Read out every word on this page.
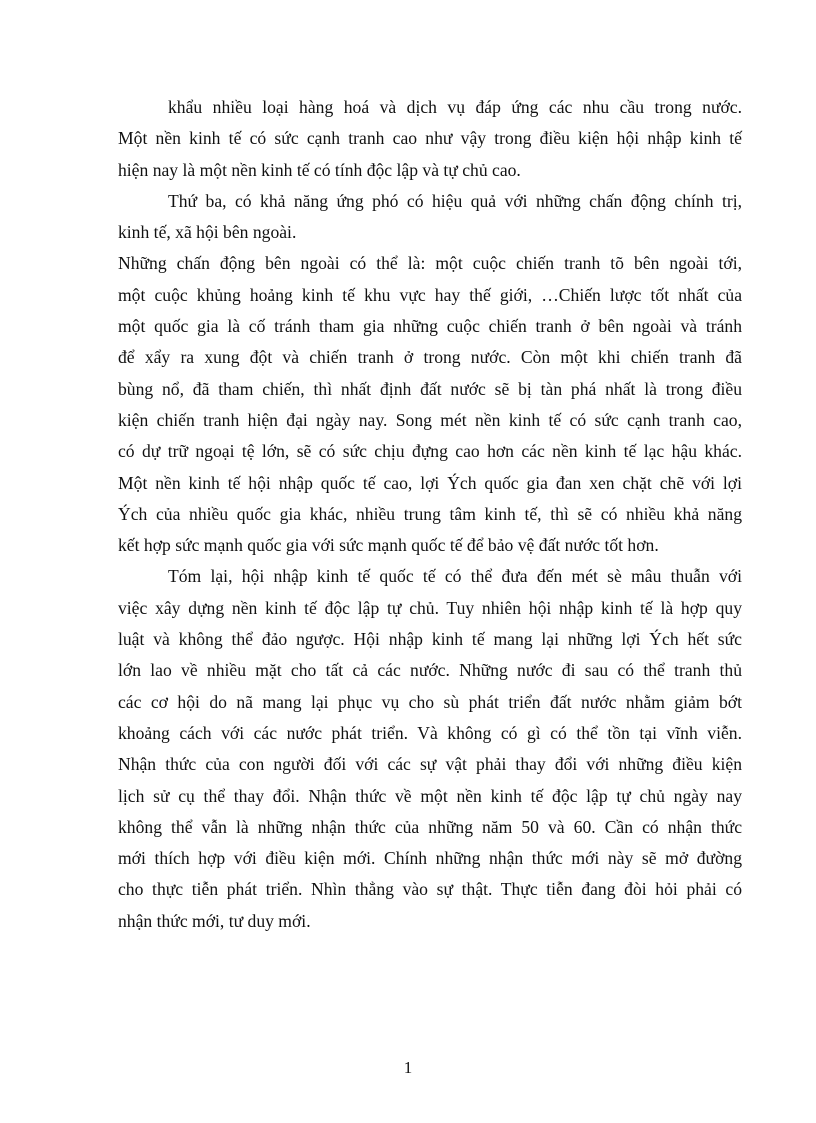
khẩu nhiều loại hàng hoá và dịch vụ đáp ứng các nhu cầu trong nước.
Một nền kinh tế có sức cạnh tranh cao như vậy trong điều kiện hội nhập kinh tế
hiện nay là một nền kinh tế có tính độc lập và tự chủ cao.
Thứ ba, có khả năng ứng phó có hiệu quả với những chấn động chính trị,
kinh tế, xã hội bên ngoài.
Những chấn động bên ngoài có thể là: một cuộc chiến tranh tõ bên ngoài tới,
một cuộc khủng hoảng kinh tế khu vực hay thế giới, …Chiến lược tốt nhất của
một quốc gia là cố tránh tham gia những cuộc chiến tranh ở bên ngoài và tránh
để xẩy ra xung đột và chiến tranh ở trong nước. Còn một khi chiến tranh đã
bùng nổ, đã tham chiến, thì nhất định đất nước sẽ bị tàn phá nhất là trong điều
kiện chiến tranh hiện đại ngày nay. Song mét nền kinh tế có sức cạnh tranh cao,
có dự trữ ngoại tệ lớn, sẽ có sức chịu đựng cao hơn các nền kinh tế lạc hậu khác.
Một nền kinh tế hội nhập quốc tế cao, lợi Ých quốc gia đan xen chặt chẽ với lợi
Ých của nhiều quốc gia khác, nhiều trung tâm kinh tế, thì sẽ có nhiều khả năng
kết hợp sức mạnh quốc gia với sức mạnh quốc tế để bảo vệ đất nước tốt hơn.
Tóm lại, hội nhập kinh tế quốc tế có thể đưa đến mét sè mâu thuẫn với
việc xây dựng nền kinh tế độc lập tự chủ. Tuy nhiên hội nhập kinh tế là hợp quy
luật và không thể đảo ngược. Hội nhập kinh tế mang lại những lợi Ých hết sức
lớn lao về nhiều mặt cho tất cả các nước. Những nước đi sau có thể tranh thủ
các cơ hội do nã mang lại phục vụ cho sù phát triển đất nước nhằm giảm bớt
khoảng cách với các nước phát triển. Và không có gì có thể tồn tại vĩnh viễn.
Nhận thức của con người đối với các sự vật phải thay đổi với những điều kiện
lịch sử cụ thể thay đổi. Nhận thức về một nền kinh tế độc lập tự chủ ngày nay
không thể vẫn là những nhận thức của những năm 50 và 60. Cần có nhận thức
mới thích hợp với điều kiện mới. Chính những nhận thức mới này sẽ mở đường
cho thực tiễn phát triển. Nhìn thẳng vào sự thật. Thực tiễn đang đòi hỏi phải có
nhận thức mới, tư duy mới.
1
